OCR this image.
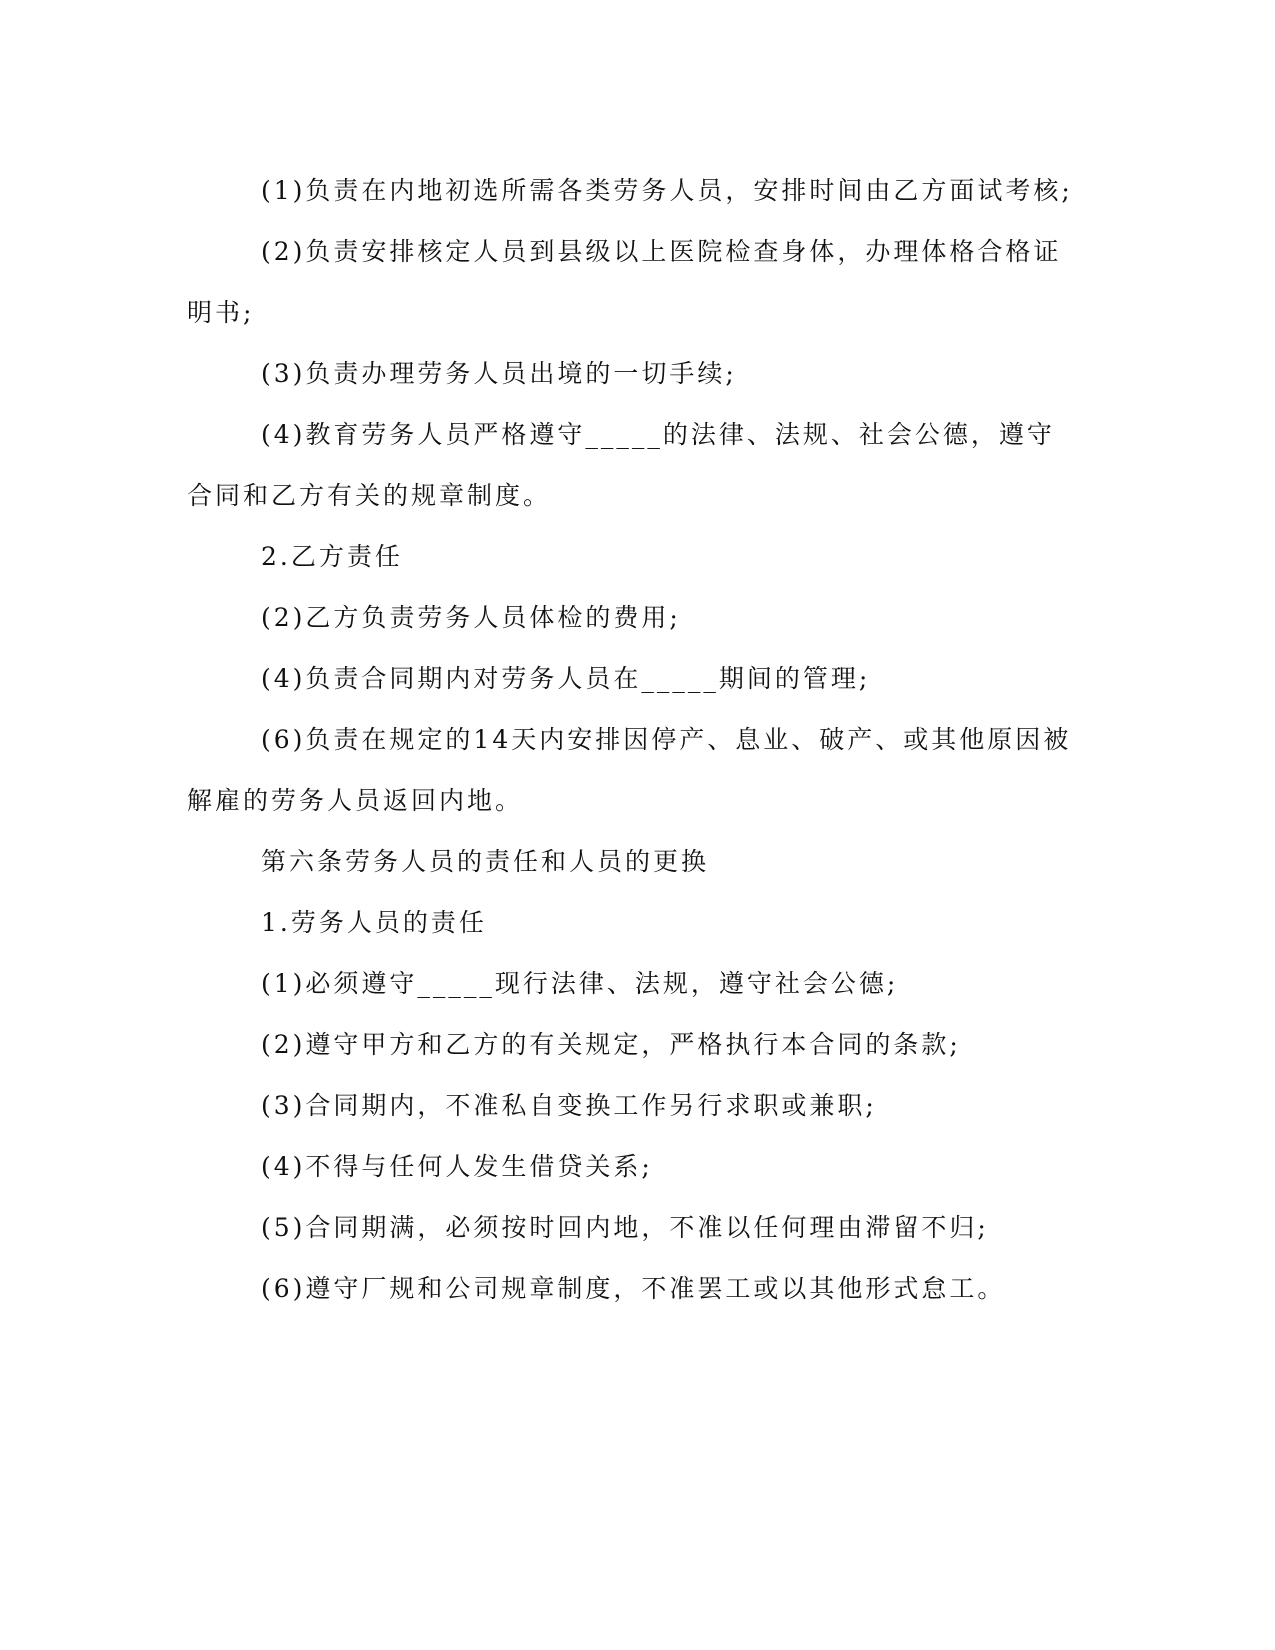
(1)负责在内地初选所需各类劳务人员，安排时间由乙方面试考核;

(2)负责安排核定人员到县级以上医院检查身体，办理体格合格证明书;

(3)负责办理劳务人员出境的一切手续;

(4)教育劳务人员严格遵守_____的法律、法规、社会公德，遵守合同和乙方有关的规章制度。

2.乙方责任

(2)乙方负责劳务人员体检的费用;

(4)负责合同期内对劳务人员在_____期间的管理;

(6)负责在规定的14天内安排因停产、息业、破产、或其他原因被解雇的劳务人员返回内地。

第六条劳务人员的责任和人员的更换

1.劳务人员的责任

(1)必须遵守_____现行法律、法规，遵守社会公德;

(2)遵守甲方和乙方的有关规定，严格执行本合同的条款;

(3)合同期内，不准私自变换工作另行求职或兼职;

(4)不得与任何人发生借贷关系;

(5)合同期满，必须按时回内地，不准以任何理由滞留不归;

(6)遵守厂规和公司规章制度，不准罢工或以其他形式怠工。
